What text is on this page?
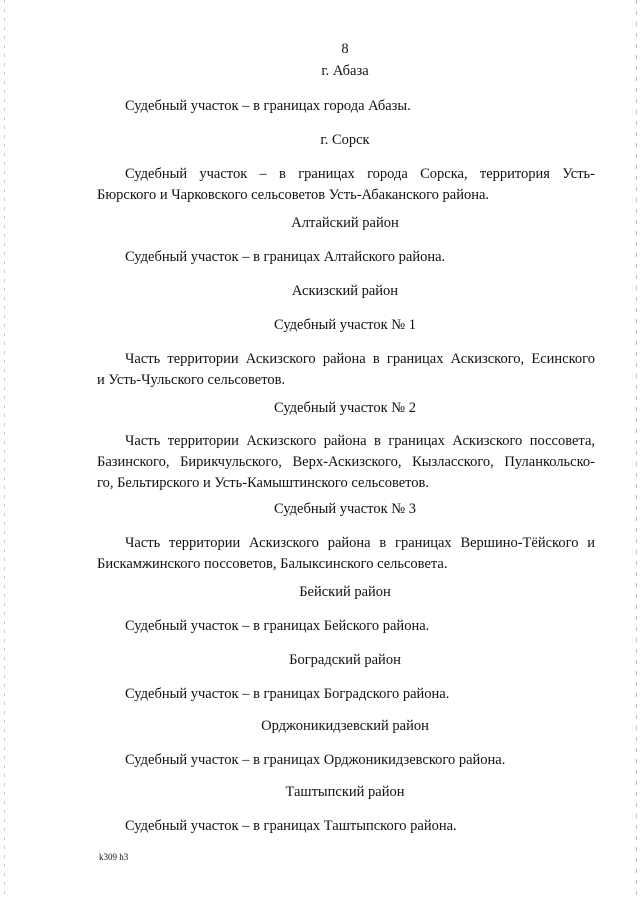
8

г. Абаза

Судебный участок – в границах города Абазы.

г. Сорск

Судебный участок – в границах города Сорска, территория Усть-

Бюрского и Чарковского сельсоветов Усть-Абаканского района.

Алтайский район

Судебный участок – в границах Алтайского района.

Аскизский район

Судебный участок № 1

Часть территории Аскизского района в границах Аскизского, Есинского

и Усть-Чульского сельсоветов.

Судебный участок № 2

Часть территории Аскизского района в границах Аскизского поссовета,

Базинского, Бирикчульского, Верх-Аскизского, Кызласского, Пуланкольско-

го, Бельтирского и Усть-Камыштинского сельсоветов.

Судебный участок № 3

Часть территории Аскизского района в границах Вершино-Тёйского и

Бискамжинского поссоветов, Балыксинского сельсовета.

Бейский район

Судебный участок – в границах Бейского района.

Боградский район

Судебный участок – в границах Боградского района.

Орджоникидзевский район

Судебный участок – в границах Орджоникидзевского района.

Таштыпский район

Судебный участок – в границах Таштыпского района.

k309 h3
